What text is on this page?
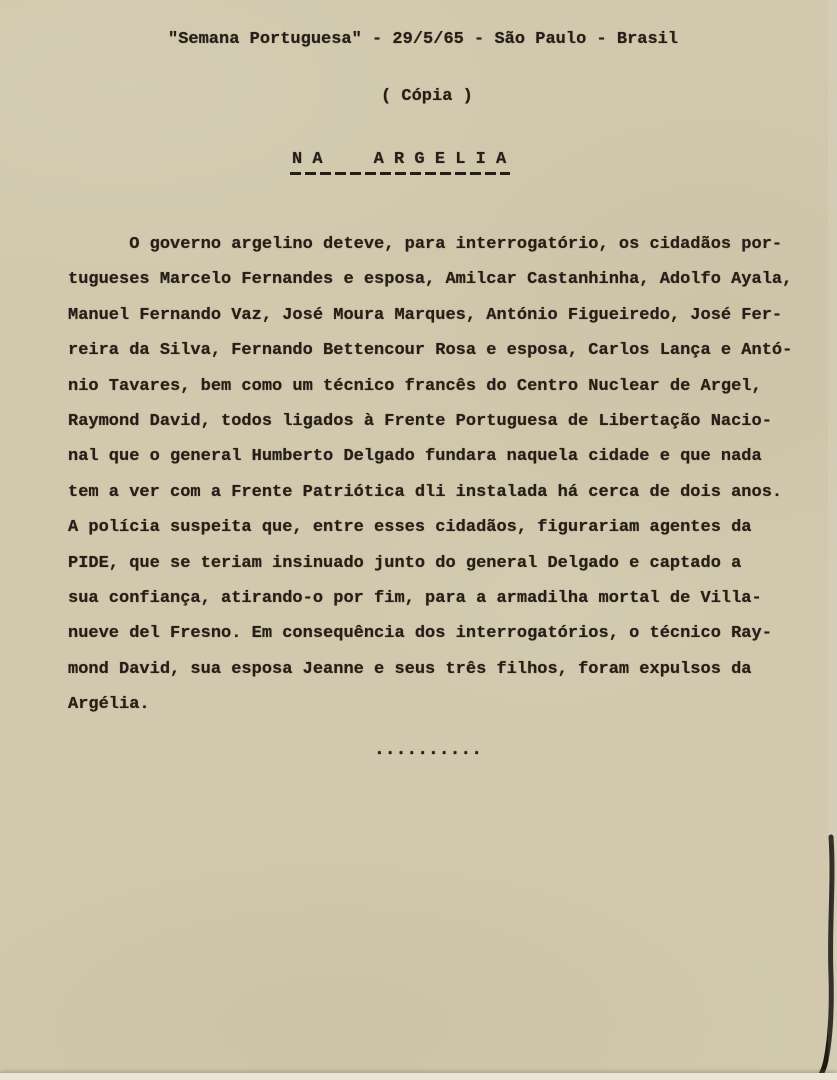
"Semana Portuguesa" - 29/5/65 - São Paulo - Brasil
( Cópia )
N A     A R G E L I A
O governo argelino deteve, para interrogatório, os cidadãos por-
tugueses Marcelo Fernandes e esposa, Amilcar Castanhinha, Adolfo Ayala,
Manuel Fernando Vaz, José Moura Marques, António Figueiredo, José Fer-
reira da Silva, Fernando Bettencour Rosa e esposa, Carlos Lança e Antó-
nio Tavares, bem como um técnico francês do Centro Nuclear de Argel,
Raymond David, todos ligados à Frente Portuguesa de Libertação Nacio-
nal que o general Humberto Delgado fundara naquela cidade e que nada
tem a ver com a Frente Patriótica dli instalada há cerca de dois anos.
A polícia suspeita que, entre esses cidadãos, figurariam agentes da
PIDE, que se teriam insinuado junto do general Delgado e captado a
sua confiança, atirando-o por fim, para a armadilha mortal de Villa-
nueve del Fresno. Em consequência dos interrogatórios, o técnico Ray-
mond David, sua esposa Jeanne e seus três filhos, foram expulsos da
Argélia.
..........
